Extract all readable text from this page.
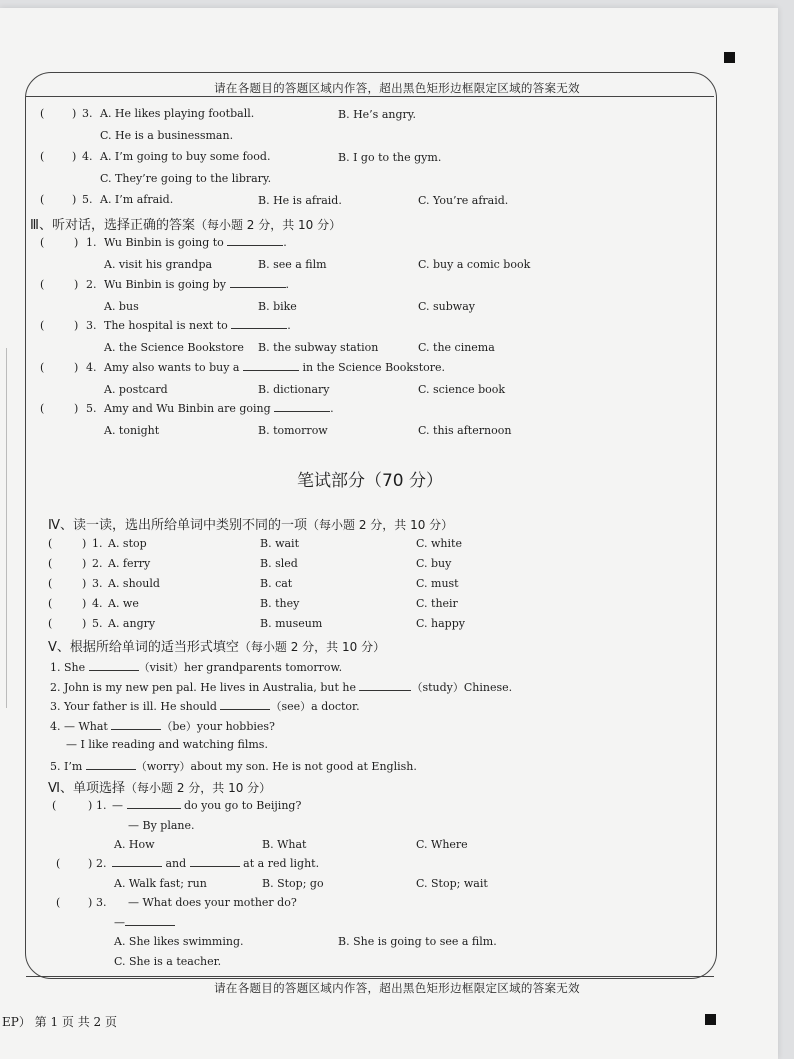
请在各题目的答题区域内作答，超出黑色矩形边框限定区域的答案无效
(	) 3. A. He likes playing football.	B. He’s angry.
C. He is a businessman.
(	) 4. A. I’m going to buy some food.	B. I go to the gym.
C. They’re going to the library.
(	) 5. A. I’m afraid.	B. He is afraid.	C. You’re afraid.
Ⅲ、听对话，选择正确的答案（每小题 2 分，共 10 分）
(	) 1. Wu Binbin is going to	.
A. visit his grandpa	B. see a film	C. buy a comic book
(	) 2. Wu Binbin is going by	.
A. bus	B. bike	C. subway
(	) 3. The hospital is next to	.
A. the Science Bookstore B. the subway station	C. the cinema
(	) 4. Amy also wants to buy a	in the Science Bookstore.
A. postcard	B. dictionary	C. science book
(	) 5. Amy and Wu Binbin are going	.
A. tonight	B. tomorrow	C. this afternoon
笔试部分（70 分）
Ⅳ、读一读，选出所给单词中类别不同的一项（每小题 2 分，共 10 分）
(	) 1. A. stop	B. wait	C. white
(	) 2. A. ferry	B. sled	C. buy
(	) 3. A. should	B. cat	C. must
(	) 4. A. we	B. they	C. their
(	) 5. A. angry	B. museum	C. happy
Ⅴ、根据所给单词的适当形式填空（每小题 2 分，共 10 分）
1. She	（visit）her grandparents tomorrow.
2. John is my new pen pal. He lives in Australia, but he	（study）Chinese.
3. Your father is ill. He should	（see）a doctor.
4. — What	（be）your hobbies?
— I like reading and watching films.
5. I’m	（worry）about my son. He is not good at English.
Ⅵ、单项选择（每小题 2 分，共 10 分）
(	) 1. —	do you go to Beijing?
— By plane.
A. How	B. What	C. Where
(	) 2.	and	at a red light.
A. Walk fast; run	B. Stop; go	C. Stop; wait
(	) 3. — What does your mother do?
—
A. She likes swimming.	B. She is going to see a film.
C. She is a teacher.
请在各题目的答题区域内作答，超出黑色矩形边框限定区域的答案无效
EP） 第 1 页 共 2 页
